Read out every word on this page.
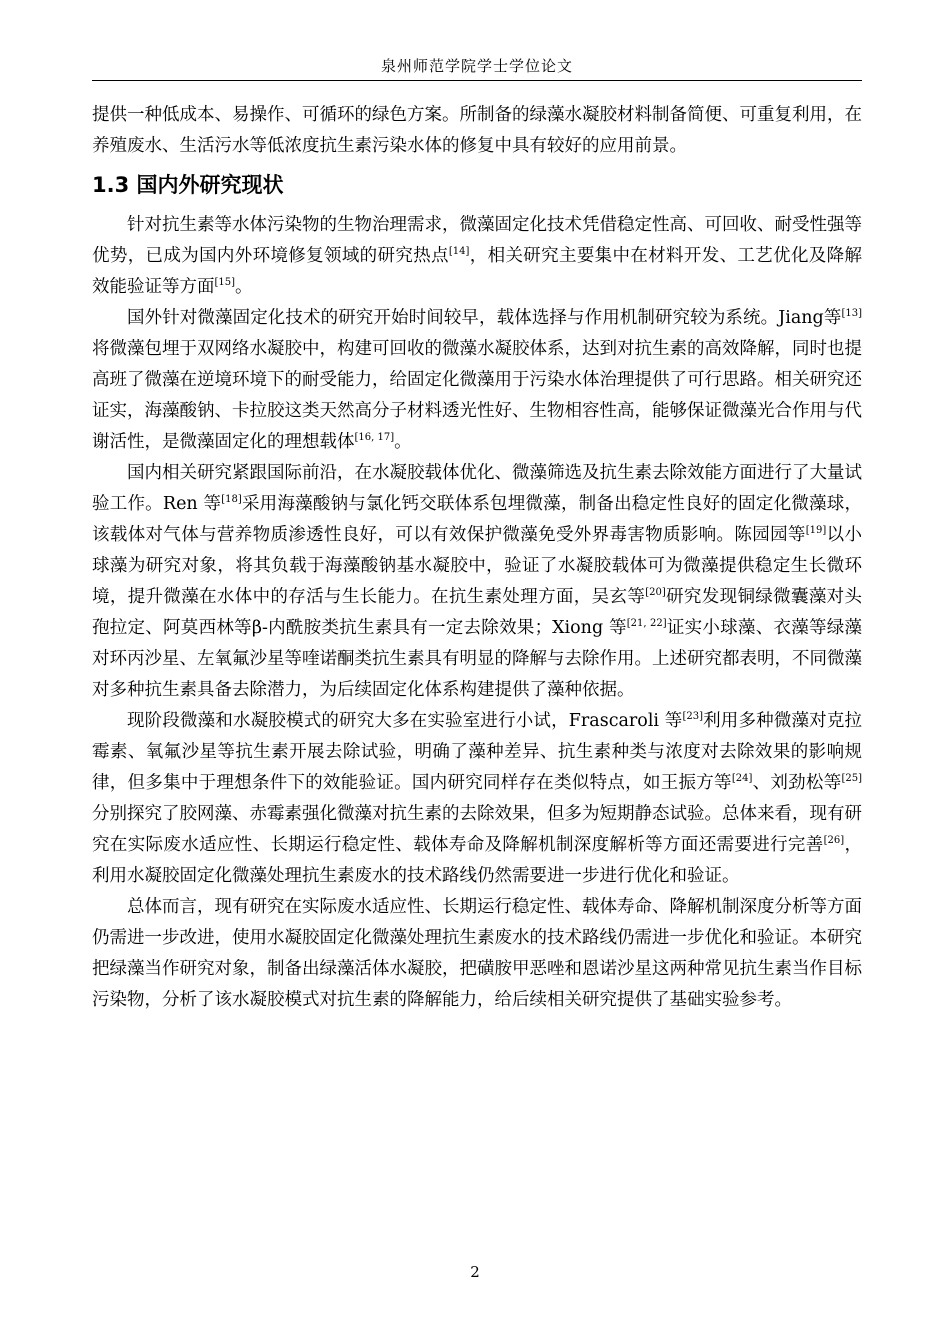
泉州师范学院学士学位论文

提供一种低成本、易操作、可循环的绿色方案。所制备的绿藻水凝胶材料制备简便、可重复利用，在养殖废水、生活污水等低浓度抗生素污染水体的修复中具有较好的应用前景。

1.3 国内外研究现状

针对抗生素等水体污染物的生物治理需求，微藻固定化技术凭借稳定性高、可回收、耐受性强等优势，已成为国内外环境修复领域的研究热点[14]，相关研究主要集中在材料开发、工艺优化及降解效能验证等方面[15]。

国外针对微藻固定化技术的研究开始时间较早，载体选择与作用机制研究较为系统。Jiang等[13]将微藻包埋于双网络水凝胶中，构建可回收的微藻水凝胶体系，达到对抗生素的高效降解，同时也提高班了微藻在逆境环境下的耐受能力，给固定化微藻用于污染水体治理提供了可行思路。相关研究还证实，海藻酸钠、卡拉胶这类天然高分子材料透光性好、生物相容性高，能够保证微藻光合作用与代谢活性，是微藻固定化的理想载体[16, 17]。

国内相关研究紧跟国际前沿，在水凝胶载体优化、微藻筛选及抗生素去除效能方面进行了大量试验工作。Ren 等[18]采用海藻酸钠与氯化钙交联体系包埋微藻，制备出稳定性良好的固定化微藻球，该载体对气体与营养物质渗透性良好，可以有效保护微藻免受外界毒害物质影响。陈园园等[19]以小球藻为研究对象，将其负载于海藻酸钠基水凝胶中，验证了水凝胶载体可为微藻提供稳定生长微环境，提升微藻在水体中的存活与生长能力。在抗生素处理方面，吴玄等[20]研究发现铜绿微囊藻对头孢拉定、阿莫西林等β-内酰胺类抗生素具有一定去除效果；Xiong 等[21, 22]证实小球藻、衣藻等绿藻对环丙沙星、左氧氟沙星等喹诺酮类抗生素具有明显的降解与去除作用。上述研究都表明，不同微藻对多种抗生素具备去除潜力，为后续固定化体系构建提供了藻种依据。

现阶段微藻和水凝胶模式的研究大多在实验室进行小试，Frascaroli 等[23]利用多种微藻对克拉霉素、氧氟沙星等抗生素开展去除试验，明确了藻种差异、抗生素种类与浓度对去除效果的影响规律，但多集中于理想条件下的效能验证。国内研究同样存在类似特点，如王振方等[24]、刘劲松等[25]分别探究了胶网藻、赤霉素强化微藻对抗生素的去除效果，但多为短期静态试验。总体来看，现有研究在实际废水适应性、长期运行稳定性、载体寿命及降解机制深度解析等方面还需要进行完善[26]，利用水凝胶固定化微藻处理抗生素废水的技术路线仍然需要进一步进行优化和验证。

总体而言，现有研究在实际废水适应性、长期运行稳定性、载体寿命、降解机制深度分析等方面仍需进一步改进，使用水凝胶固定化微藻处理抗生素废水的技术路线仍需进一步优化和验证。本研究把绿藻当作研究对象，制备出绿藻活体水凝胶，把磺胺甲恶唑和恩诺沙星这两种常见抗生素当作目标污染物，分析了该水凝胶模式对抗生素的降解能力，给后续相关研究提供了基础实验参考。

2
